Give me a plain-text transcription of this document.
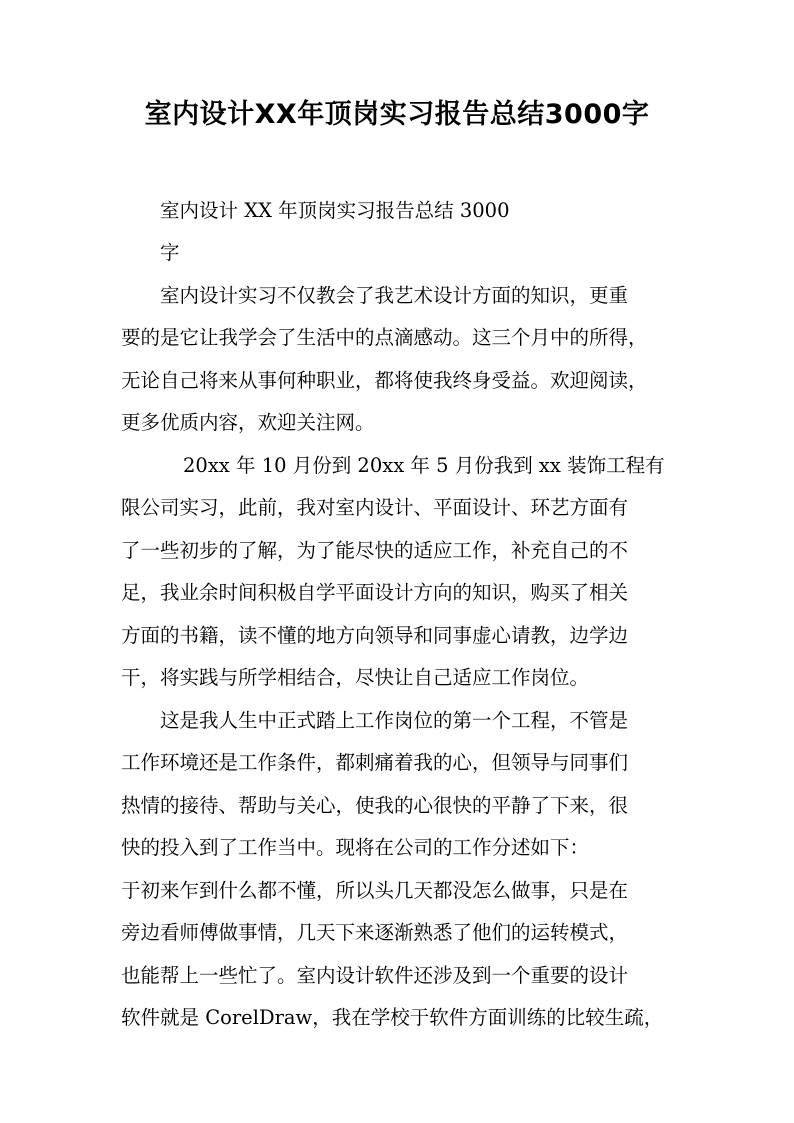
室内设计XX年顶岗实习报告总结3000字

室内设计 XX 年顶岗实习报告总结 3000

字

室内设计实习不仅教会了我艺术设计方面的知识，更重

要的是它让我学会了生活中的点滴感动。这三个月中的所得，

无论自己将来从事何种职业，都将使我终身受益。欢迎阅读，

更多优质内容，欢迎关注网。

20xx 年 10 月份到 20xx 年 5 月份我到 xx 装饰工程有

限公司实习，此前，我对室内设计、平面设计、环艺方面有

了一些初步的了解，为了能尽快的适应工作，补充自己的不

足，我业余时间积极自学平面设计方向的知识，购买了相关

方面的书籍，读不懂的地方向领导和同事虚心请教，边学边

干，将实践与所学相结合，尽快让自己适应工作岗位。

这是我人生中正式踏上工作岗位的第一个工程，不管是

工作环境还是工作条件，都刺痛着我的心，但领导与同事们

热情的接待、帮助与关心，使我的心很快的平静了下来，很

快的投入到了工作当中。现将在公司的工作分述如下：

于初来乍到什么都不懂，所以头几天都没怎么做事，只是在

旁边看师傅做事情，几天下来逐渐熟悉了他们的运转模式，

也能帮上一些忙了。室内设计软件还涉及到一个重要的设计

软件就是 CorelDraw，我在学校于软件方面训练的比较生疏，
